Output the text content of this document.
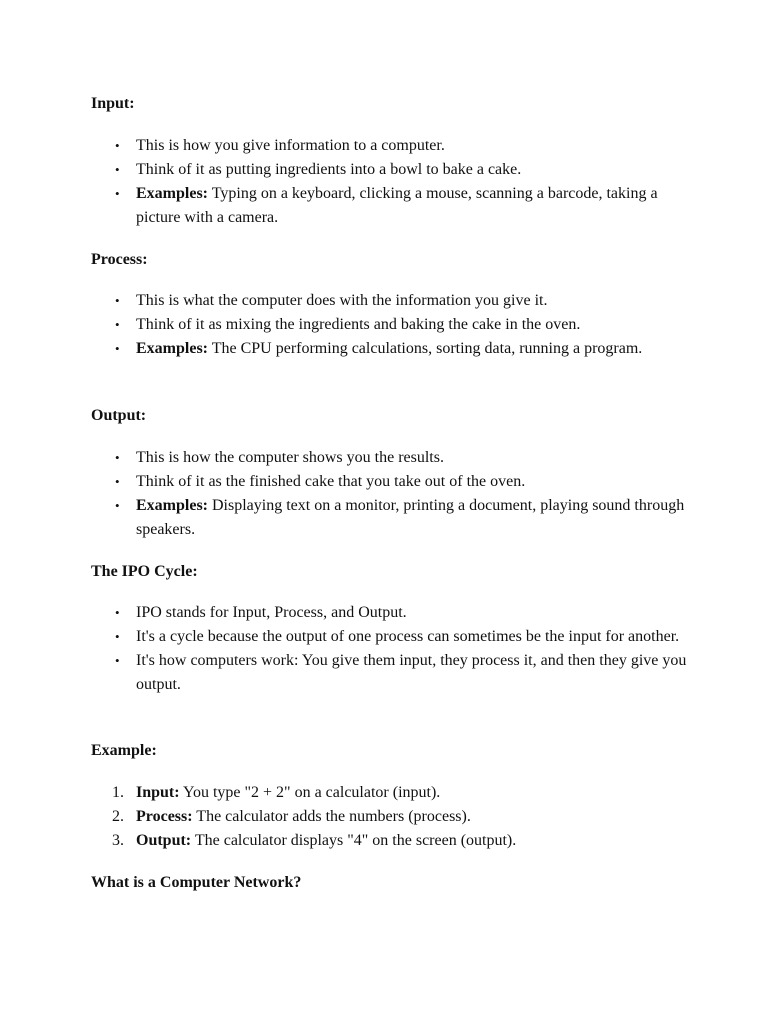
Input:
• This is how you give information to a computer.
• Think of it as putting ingredients into a bowl to bake a cake.
• Examples: Typing on a keyboard, clicking a mouse, scanning a barcode, taking a picture with a camera.
Process:
• This is what the computer does with the information you give it.
• Think of it as mixing the ingredients and baking the cake in the oven.
• Examples: The CPU performing calculations, sorting data, running a program.
Output:
• This is how the computer shows you the results.
• Think of it as the finished cake that you take out of the oven.
• Examples: Displaying text on a monitor, printing a document, playing sound through speakers.
The IPO Cycle:
• IPO stands for Input, Process, and Output.
• It's a cycle because the output of one process can sometimes be the input for another.
• It's how computers work: You give them input, they process it, and then they give you output.
Example:
1. Input: You type "2 + 2" on a calculator (input).
2. Process: The calculator adds the numbers (process).
3. Output: The calculator displays "4" on the screen (output).
What is a Computer Network?
